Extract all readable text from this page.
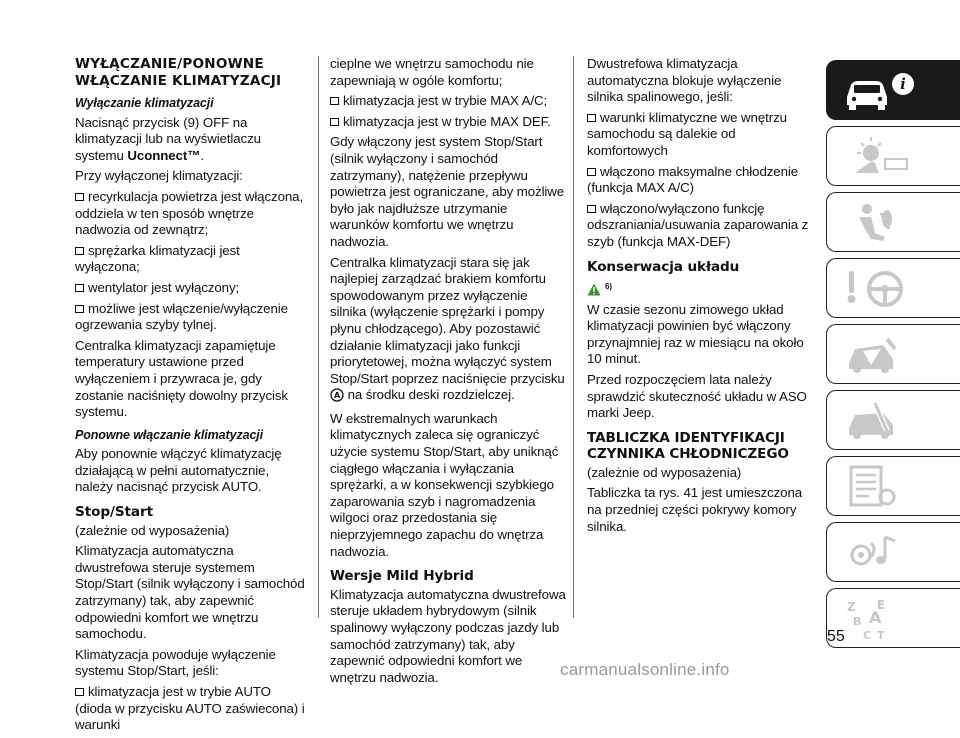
WYŁĄCZANIE/PONOWNE WŁĄCZANIE KLIMATYZACJI
Wyłączanie klimatyzacji

Nacisnąć przycisk (9) OFF na klimatyzacji lub na wyświetlaczu systemu Uconnect™.

Przy wyłączonej klimatyzacji:

recyrkulacja powietrza jest włączona, oddziela w ten sposób wnętrze nadwozia od zewnątrz;

sprężarka klimatyzacji jest wyłączona;

wentylator jest wyłączony;

możliwe jest włączenie/wyłączenie ogrzewania szyby tylnej.

Centralka klimatyzacji zapamiętuje temperatury ustawione przed wyłączeniem i przywraca je, gdy zostanie naciśnięty dowolny przycisk systemu.

Ponowne włączanie klimatyzacji

Aby ponownie włączyć klimatyzację działającą w pełni automatycznie, należy nacisnąć przycisk AUTO.

Stop/Start

(zależnie od wyposażenia)

Klimatyzacja automatyczna dwustrefowa steruje systemem Stop/Start (silnik wyłączony i samochód zatrzymany) tak, aby zapewnić odpowiedni komfort we wnętrzu samochodu.

Klimatyzacja powoduje wyłączenie systemu Stop/Start, jeśli:

klimatyzacja jest w trybie AUTO (dioda w przycisku AUTO zaświecona) i warunki

cieplne we wnętrzu samochodu nie zapewniają w ogóle komfortu;

klimatyzacja jest w trybie MAX A/C;

klimatyzacja jest w trybie MAX DEF.

Gdy włączony jest system Stop/Start (silnik wyłączony i samochód zatrzymany), natężenie przepływu powietrza jest ograniczane, aby możliwe było jak najdłuższe utrzymanie warunków komfortu we wnętrzu nadwozia.

Centralka klimatyzacji stara się jak najlepiej zarządzać brakiem komfortu spowodowanym przez wyłączenie silnika (wyłączenie sprężarki i pompy płynu chłodzącego). Aby pozostawić działanie klimatyzacji jako funkcji priorytetowej, można wyłączyć system Stop/Start poprzez naciśnięcie przycisku
A na środku deski rozdzielczej.

W ekstremalnych warunkach klimatycznych zaleca się ograniczyć użycie systemu Stop/Start, aby uniknąć ciągłego włączania i wyłączania sprężarki, a w konsekwencji szybkiego zaparowania szyb i nagromadzenia wilgoci oraz przedostania się nieprzyjemnego zapachu do wnętrza nadwozia.

Wersje Mild Hybrid

Klimatyzacja automatyczna dwustrefowa steruje układem hybrydowym (silnik spalinowy wyłączony podczas jazdy lub samochód zatrzymany) tak, aby zapewnić odpowiedni komfort we wnętrzu nadwozia.

Dwustrefowa klimatyzacja automatyczna blokuje wyłączenie silnika spalinowego, jeśli:

warunki klimatyczne we wnętrzu samochodu są dalekie od komfortowych

włączono maksymalne chłodzenie (funkcja MAX A/C)

włączono/wyłączono funkcję odszraniania/usuwania zaparowania z szyb (funkcja MAX-DEF)

Konserwacja układu
$^{6)}$

W czasie sezonu zimowego układ klimatyzacji powinien być włączony przynajmniej raz w miesiącu na około 10 minut.

Przed rozpoczęciem lata należy sprawdzić skuteczność układu w ASO marki Jeep.

TABLICZKA IDENTYFIKACJI CZYNNIKA CHŁODNICZEGO

(zależnie od wyposażenia)

Tabliczka ta rys. 41 jest umieszczona na przedniej części pokrywy komory silnika.

i
Z E
B A
C T
55
carmanualsonline.info
